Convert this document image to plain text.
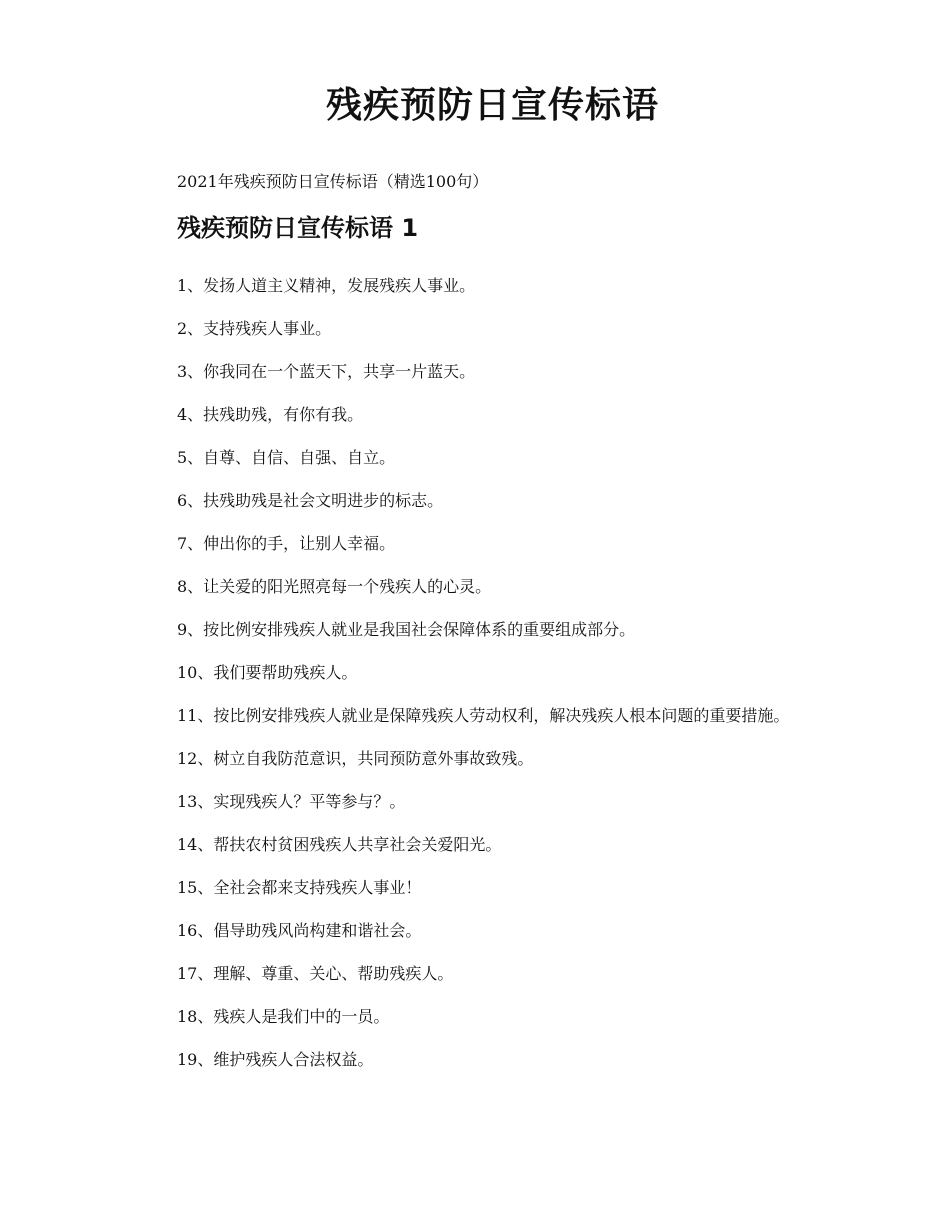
残疾预防日宣传标语

2021年残疾预防日宣传标语（精选100句）

残疾预防日宣传标语 1
1、发扬人道主义精神，发展残疾人事业。
2、支持残疾人事业。
3、你我同在一个蓝天下，共享一片蓝天。
4、扶残助残，有你有我。
5、自尊、自信、自强、自立。
6、扶残助残是社会文明进步的标志。
7、伸出你的手，让别人幸福。
8、让关爱的阳光照亮每一个残疾人的心灵。
9、按比例安排残疾人就业是我国社会保障体系的重要组成部分。
10、我们要帮助残疾人。
11、按比例安排残疾人就业是保障残疾人劳动权利，解决残疾人根本问题的重要措施。
12、树立自我防范意识，共同预防意外事故致残。
13、实现残疾人？平等参与？。
14、帮扶农村贫困残疾人共享社会关爱阳光。
15、全社会都来支持残疾人事业！
16、倡导助残风尚构建和谐社会。
17、理解、尊重、关心、帮助残疾人。
18、残疾人是我们中的一员。
19、维护残疾人合法权益。
